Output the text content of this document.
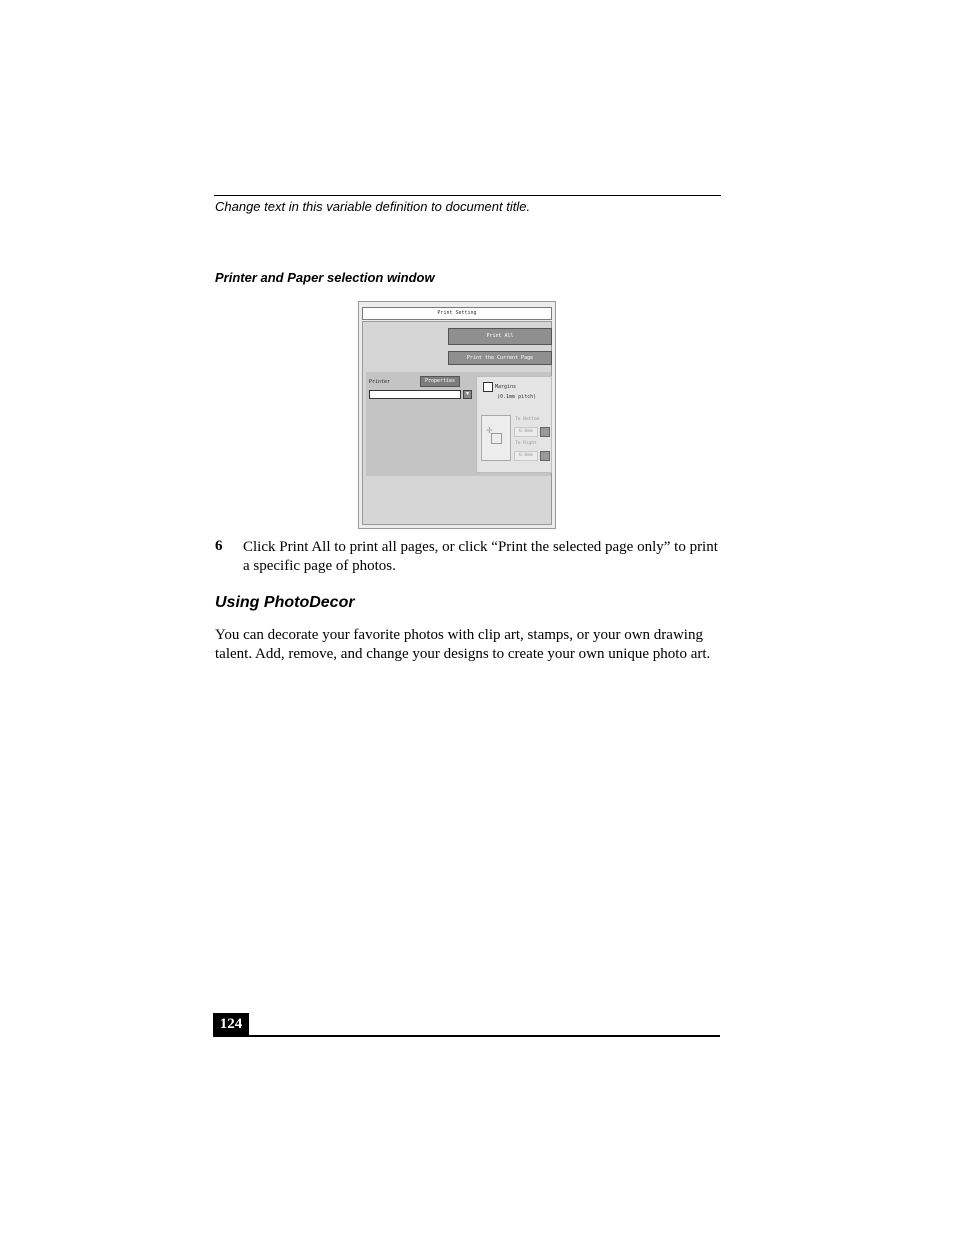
Change text in this variable definition to document title.
Printer and Paper selection window
Print Setting
Print All
Print the Current Page
Printer	Properties
▼
Margins
(0.1mm pitch)
✛
To Bottom
0.0mm
To Right
0.0mm
6 Click Print All to print all pages, or click “Print the selected page only” to print a specific page of photos.
Using PhotoDecor
You can decorate your favorite photos with clip art, stamps, or your own drawing talent. Add, remove, and change your designs to create your own unique photo art.
124
